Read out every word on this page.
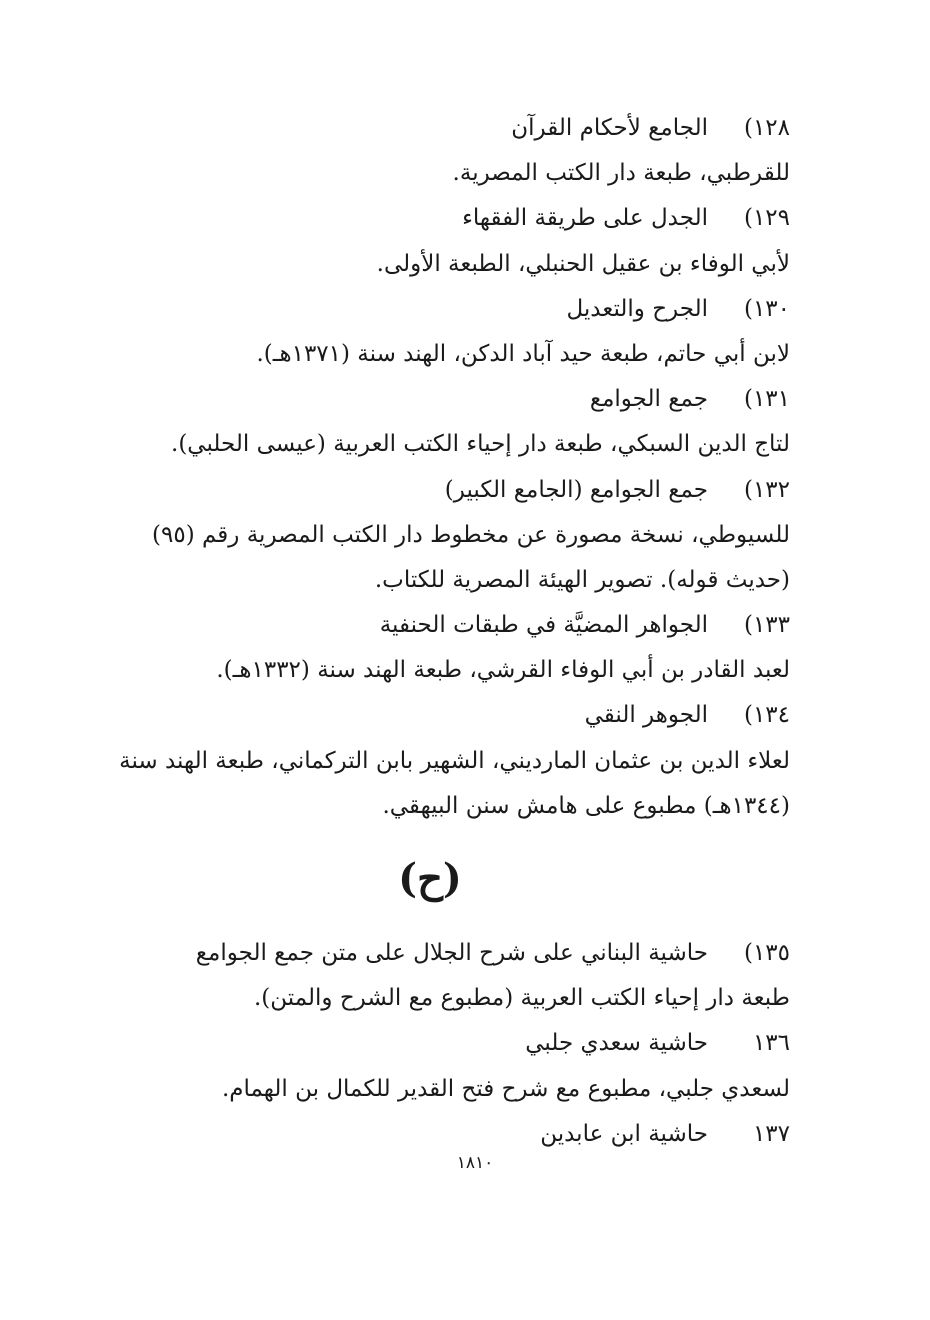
١٢٨)
الجامع لأحكام القرآن
للقرطبي، طبعة دار الكتب المصرية.
١٢٩)
الجدل على طريقة الفقهاء
لأبي الوفاء بن عقيل الحنبلي، الطبعة الأولى.
١٣٠)
الجرح والتعديل
لابن أبي حاتم، طبعة حيد آباد الدكن، الهند سنة (١٣٧١هـ).
١٣١)
جمع الجوامع
لتاج الدين السبكي، طبعة دار إحياء الكتب العربية (عيسى الحلبي).
١٣٢)
جمع الجوامع (الجامع الكبير)
للسيوطي، نسخة مصورة عن مخطوط دار الكتب المصرية رقم (٩٥)
(حديث قوله). تصوير الهيئة المصرية للكتاب.
١٣٣)
الجواهر المضيَّة في طبقات الحنفية
لعبد القادر بن أبي الوفاء القرشي، طبعة الهند سنة (١٣٣٢هـ).
١٣٤)
الجوهر النقي
لعلاء الدين بن عثمان المارديني، الشهير بابن التركماني، طبعة الهند سنة
(١٣٤٤هـ) مطبوع على هامش سنن البيهقي.
(ح)
١٣٥)
حاشية البناني على شرح الجلال على متن جمع الجوامع
طبعة دار إحياء الكتب العربية (مطبوع مع الشرح والمتن).
١٣٦
حاشية سعدي جلبي
لسعدي جلبي، مطبوع مع شرح فتح القدير للكمال بن الهمام.
١٣٧
حاشية ابن عابدين
١٨١٠
